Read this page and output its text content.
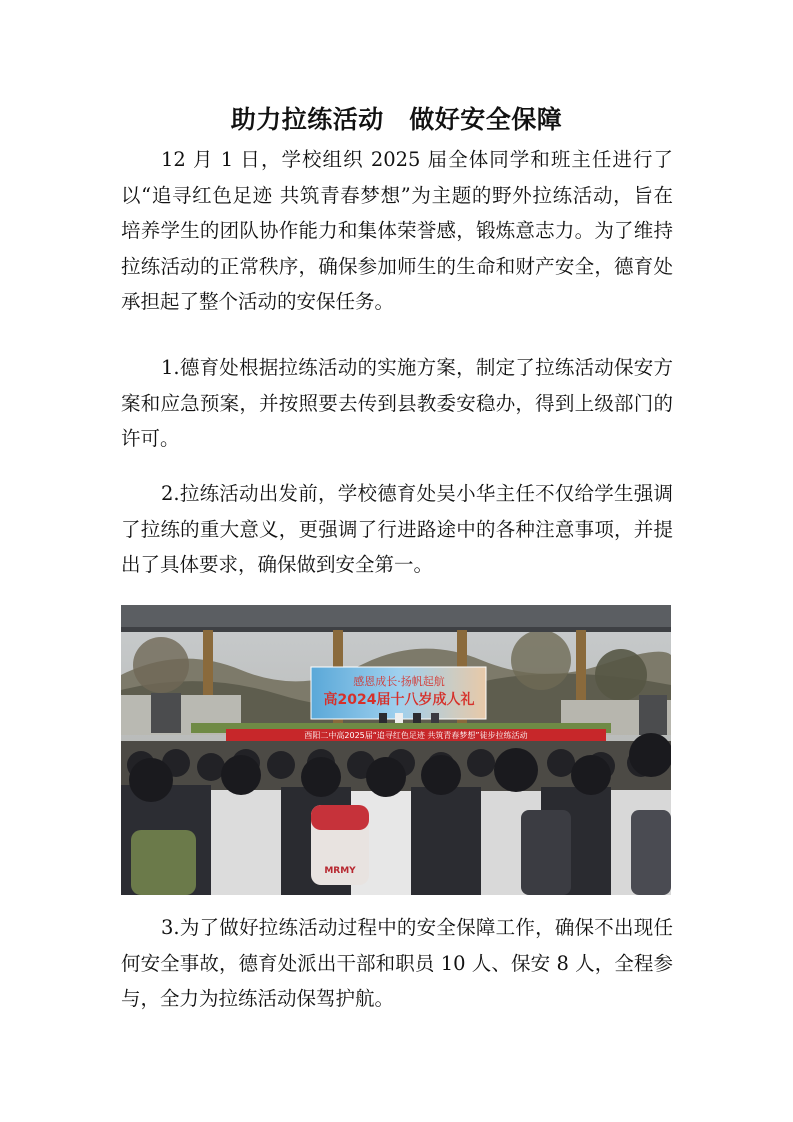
助力拉练活动　做好安全保障

12 月 1 日，学校组织 2025 届全体同学和班主任进行了以“追寻红色足迹 共筑青春梦想”为主题的野外拉练活动，旨在培养学生的团队协作能力和集体荣誉感，锻炼意志力。为了维持拉练活动的正常秩序，确保参加师生的生命和财产安全，德育处承担起了整个活动的安保任务。

1.德育处根据拉练活动的实施方案，制定了拉练活动保安方案和应急预案，并按照要去传到县教委安稳办，得到上级部门的许可。

2.拉练活动出发前，学校德育处吴小华主任不仅给学生强调了拉练的重大意义，更强调了行进路途中的各种注意事项，并提出了具体要求，确保做到安全第一。

感恩成长·扬帆起航
高2024届十八岁成人礼
酉阳二中高2025届“追寻红色足迹 共筑青春梦想”徒步拉练活动
MRMY

3.为了做好拉练活动过程中的安全保障工作，确保不出现任何安全事故，德育处派出干部和职员 10 人、保安 8 人，全程参与，全力为拉练活动保驾护航。
